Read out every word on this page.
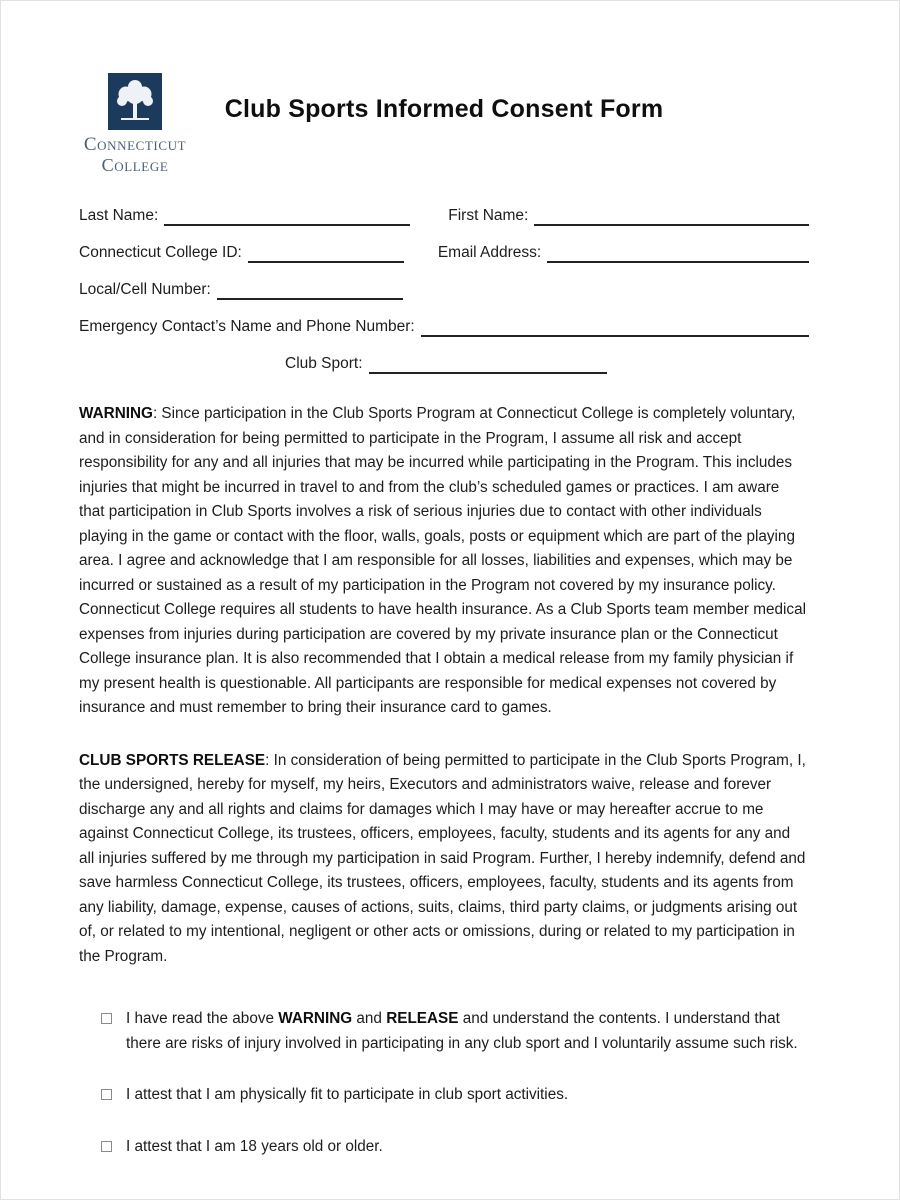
Connecticut
College
Club Sports Informed Consent Form
Last Name:	First Name:
Connecticut College ID:	Email Address:
Local/Cell Number:
Emergency Contact’s Name and Phone Number:
Club Sport:

WARNING: Since participation in the Club Sports Program at Connecticut College is completely voluntary, and in consideration for being permitted to participate in the Program, I assume all risk and accept responsibility for any and all injuries that may be incurred while participating in the Program. This includes injuries that might be incurred in travel to and from the club’s scheduled games or practices. I am aware that participation in Club Sports involves a risk of serious injuries due to contact with other individuals playing in the game or contact with the floor, walls, goals, posts or equipment which are part of the playing area. I agree and acknowledge that I am responsible for all losses, liabilities and expenses, which may be incurred or sustained as a result of my participation in the Program not covered by my insurance policy. Connecticut College requires all students to have health insurance. As a Club Sports team member medical expenses from injuries during participation are covered by my private insurance plan or the Connecticut College insurance plan. It is also recommended that I obtain a medical release from my family physician if my present health is questionable. All participants are responsible for medical expenses not covered by insurance and must remember to bring their insurance card to games.

CLUB SPORTS RELEASE: In consideration of being permitted to participate in the Club Sports Program, I, the undersigned, hereby for myself, my heirs, Executors and administrators waive, release and forever discharge any and all rights and claims for damages which I may have or may hereafter accrue to me against Connecticut College, its trustees, officers, employees, faculty, students and its agents for any and all injuries suffered by me through my participation in said Program. Further, I hereby indemnify, defend and save harmless Connecticut College, its trustees, officers, employees, faculty, students and its agents from any liability, damage, expense, causes of actions, suits, claims, third party claims, or judgments arising out of, or related to my intentional, negligent or other acts or omissions, during or related to my participation in the Program.

I have read the above WARNING and RELEASE and understand the contents. I understand that there are risks of injury involved in participating in any club sport and I voluntarily assume such risk.
I attest that I am physically fit to participate in club sport activities.
I attest that I am 18 years old or older.
